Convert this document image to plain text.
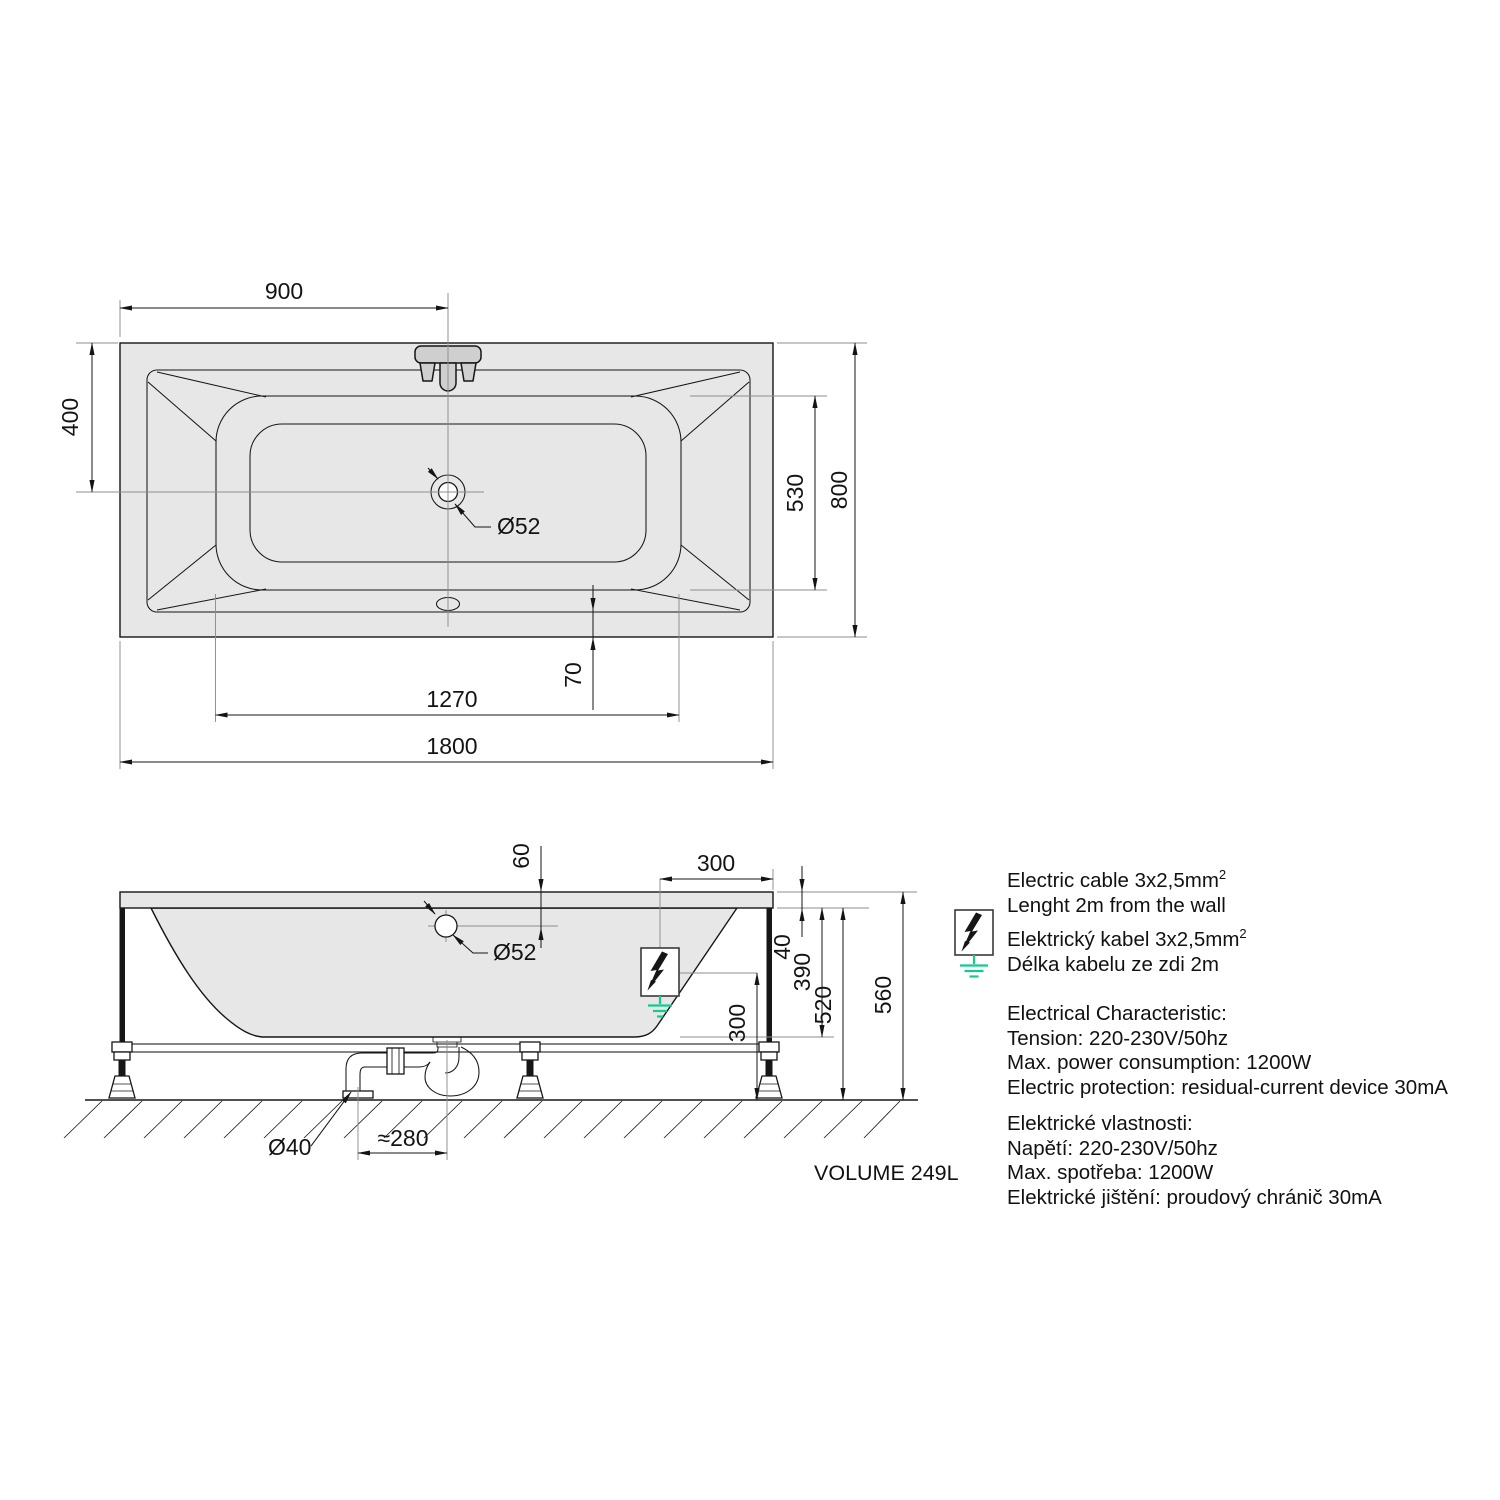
900
400
800
530
70
1270
1800
Ø52
60
Ø52
300
40
390
520 560
300
≈280
Ø40
Electric cable $3x2,5mm^2$
Lenght 2m from the wall
Elektrický kabel $3x2,5mm^2$
Délka kabelu ze zdi 2m
Electrical Characteristic:
Tension: 220-230V/50hz
Max. power consumption: 1200W
Electric protection: residual-current device 30mA
Elektrické vlastnosti:
Napětí: 220-230V/50hz
Max. spotřeba: 1200W
Elektrické jištění: proudový chránič 30mA
VOLUME 249L
